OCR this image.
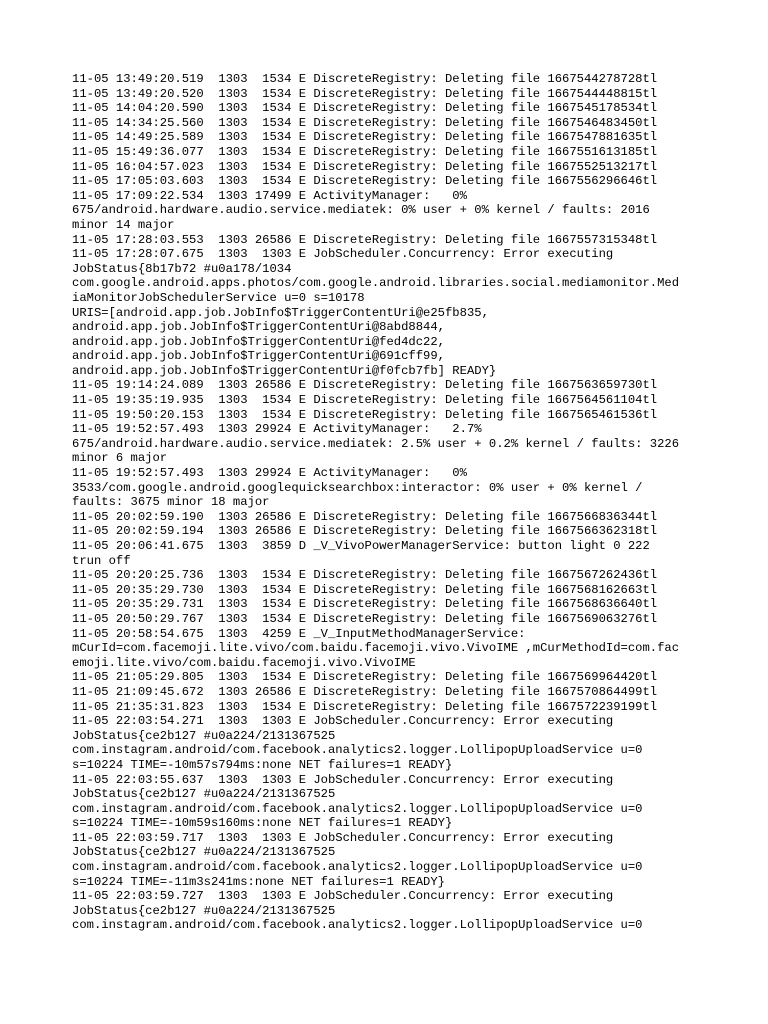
11-05 13:49:20.519  1303  1534 E DiscreteRegistry: Deleting file 1667544278728tl
11-05 13:49:20.520  1303  1534 E DiscreteRegistry: Deleting file 1667544448815tl
11-05 14:04:20.590  1303  1534 E DiscreteRegistry: Deleting file 1667545178534tl
11-05 14:34:25.560  1303  1534 E DiscreteRegistry: Deleting file 1667546483450tl
11-05 14:49:25.589  1303  1534 E DiscreteRegistry: Deleting file 1667547881635tl
11-05 15:49:36.077  1303  1534 E DiscreteRegistry: Deleting file 1667551613185tl
11-05 16:04:57.023  1303  1534 E DiscreteRegistry: Deleting file 1667552513217tl
11-05 17:05:03.603  1303  1534 E DiscreteRegistry: Deleting file 1667556296646tl
11-05 17:09:22.534  1303 17499 E ActivityManager:   0%
675/android.hardware.audio.service.mediatek: 0% user + 0% kernel / faults: 2016
minor 14 major
11-05 17:28:03.553  1303 26586 E DiscreteRegistry: Deleting file 1667557315348tl
11-05 17:28:07.675  1303  1303 E JobScheduler.Concurrency: Error executing
JobStatus{8b17b72 #u0a178/1034
com.google.android.apps.photos/com.google.android.libraries.social.mediamonitor.Med
iaMonitorJobSchedulerService u=0 s=10178
URIS=[android.app.job.JobInfo$TriggerContentUri@e25fb835,
android.app.job.JobInfo$TriggerContentUri@8abd8844,
android.app.job.JobInfo$TriggerContentUri@fed4dc22,
android.app.job.JobInfo$TriggerContentUri@691cff99,
android.app.job.JobInfo$TriggerContentUri@f0fcb7fb] READY}
11-05 19:14:24.089  1303 26586 E DiscreteRegistry: Deleting file 1667563659730tl
11-05 19:35:19.935  1303  1534 E DiscreteRegistry: Deleting file 1667564561104tl
11-05 19:50:20.153  1303  1534 E DiscreteRegistry: Deleting file 1667565461536tl
11-05 19:52:57.493  1303 29924 E ActivityManager:   2.7%
675/android.hardware.audio.service.mediatek: 2.5% user + 0.2% kernel / faults: 3226
minor 6 major
11-05 19:52:57.493  1303 29924 E ActivityManager:   0%
3533/com.google.android.googlequicksearchbox:interactor: 0% user + 0% kernel /
faults: 3675 minor 18 major
11-05 20:02:59.190  1303 26586 E DiscreteRegistry: Deleting file 1667566836344tl
11-05 20:02:59.194  1303 26586 E DiscreteRegistry: Deleting file 1667566362318tl
11-05 20:06:41.675  1303  3859 D _V_VivoPowerManagerService: button light 0 222
trun off
11-05 20:20:25.736  1303  1534 E DiscreteRegistry: Deleting file 1667567262436tl
11-05 20:35:29.730  1303  1534 E DiscreteRegistry: Deleting file 1667568162663tl
11-05 20:35:29.731  1303  1534 E DiscreteRegistry: Deleting file 1667568636640tl
11-05 20:50:29.767  1303  1534 E DiscreteRegistry: Deleting file 1667569063276tl
11-05 20:58:54.675  1303  4259 E _V_InputMethodManagerService:
mCurId=com.facemoji.lite.vivo/com.baidu.facemoji.vivo.VivoIME ,mCurMethodId=com.fac
emoji.lite.vivo/com.baidu.facemoji.vivo.VivoIME
11-05 21:05:29.805  1303  1534 E DiscreteRegistry: Deleting file 1667569964420tl
11-05 21:09:45.672  1303 26586 E DiscreteRegistry: Deleting file 1667570864499tl
11-05 21:35:31.823  1303  1534 E DiscreteRegistry: Deleting file 1667572239199tl
11-05 22:03:54.271  1303  1303 E JobScheduler.Concurrency: Error executing
JobStatus{ce2b127 #u0a224/2131367525
com.instagram.android/com.facebook.analytics2.logger.LollipopUploadService u=0
s=10224 TIME=-10m57s794ms:none NET failures=1 READY}
11-05 22:03:55.637  1303  1303 E JobScheduler.Concurrency: Error executing
JobStatus{ce2b127 #u0a224/2131367525
com.instagram.android/com.facebook.analytics2.logger.LollipopUploadService u=0
s=10224 TIME=-10m59s160ms:none NET failures=1 READY}
11-05 22:03:59.717  1303  1303 E JobScheduler.Concurrency: Error executing
JobStatus{ce2b127 #u0a224/2131367525
com.instagram.android/com.facebook.analytics2.logger.LollipopUploadService u=0
s=10224 TIME=-11m3s241ms:none NET failures=1 READY}
11-05 22:03:59.727  1303  1303 E JobScheduler.Concurrency: Error executing
JobStatus{ce2b127 #u0a224/2131367525
com.instagram.android/com.facebook.analytics2.logger.LollipopUploadService u=0
